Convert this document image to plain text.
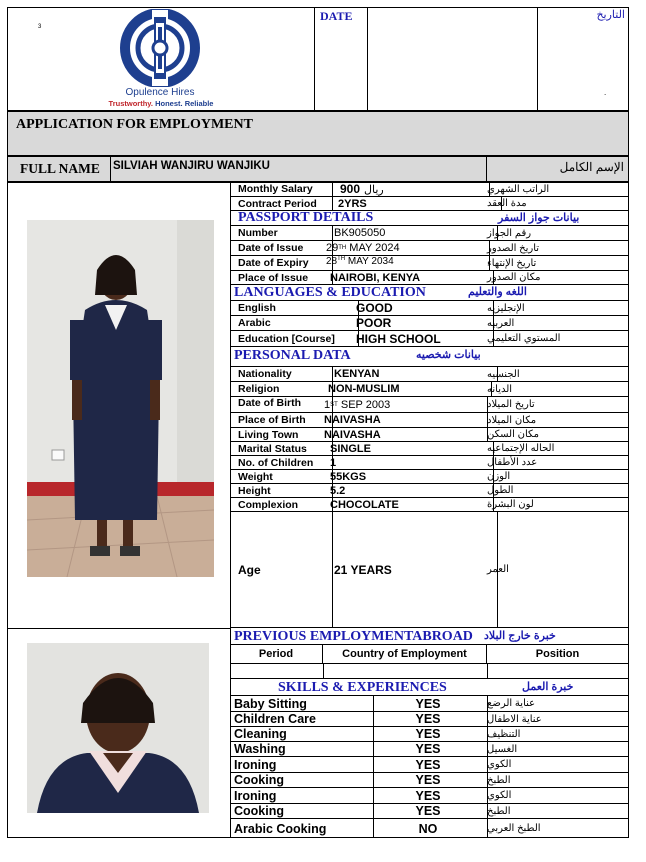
3
DATE	التاريخ
.
Opulence Hires
Trustworthy. Honest. Reliable
APPLICATION FOR EMPLOYMENT
FULL NAME SILVIAH WANJIRU WANJIKU	الإسم الكامل
Monthly Salary	900 ريال	الراتب الشهري
Contract Period	2YRS	مدة العقد
PASSPORT DETAILS	بيانات جواز السفر
Number	BK905050	رقم الجواز
Date of Issue	29 TH MAY 2024	تاريخ الصدور
Date of Expiry	28TH MAY 2034	تاريخ الإنتهاء
Place of Issue	NAIROBI, KENYA	مكان الصدور
LANGUAGES & EDUCATION	اللغه والتعليم
English	GOOD	الإنجليزيه
Arabic	POOR	العربيه
Education [Course]	HIGH SCHOOL	المستوي التعليمي
PERSONAL DATA	بيانات شخصيه
Nationality	KENYAN	الجنسيه
Religion	NON-MUSLIM	الديانه
Date of Birth	1 ST SEP 2003	تاريخ الميلاد
Place of Birth	NAIVASHA	مكان الميلاد
Living Town	NAIVASHA	مكان السكن
Marital Status	SINGLE	الحاله الإجتماعيه
No. of Children	1	عدد الأطفال
Weight	55KGS	الوزن
Height	5.2	الطول
Complexion	CHOCOLATE	لون البشرة
Age	21 YEARS	العمر
PREVIOUS EMPLOYMENTABROAD خبرة خارج البلاد
Period	Country of Employment	Position
SKILLS & EXPERIENCES	خبرة العمل
Baby Sitting	YES	عناية الرضع
Children Care	YES	عناية الاطفال
Cleaning	YES	التنظيف
Washing	YES	الغسيل
Ironing	YES	الكوي
Cooking	YES	الطبخ
Ironing	YES	الكوي
Cooking	YES	الطبخ
Arabic Cooking	NO	الطبخ العربي
